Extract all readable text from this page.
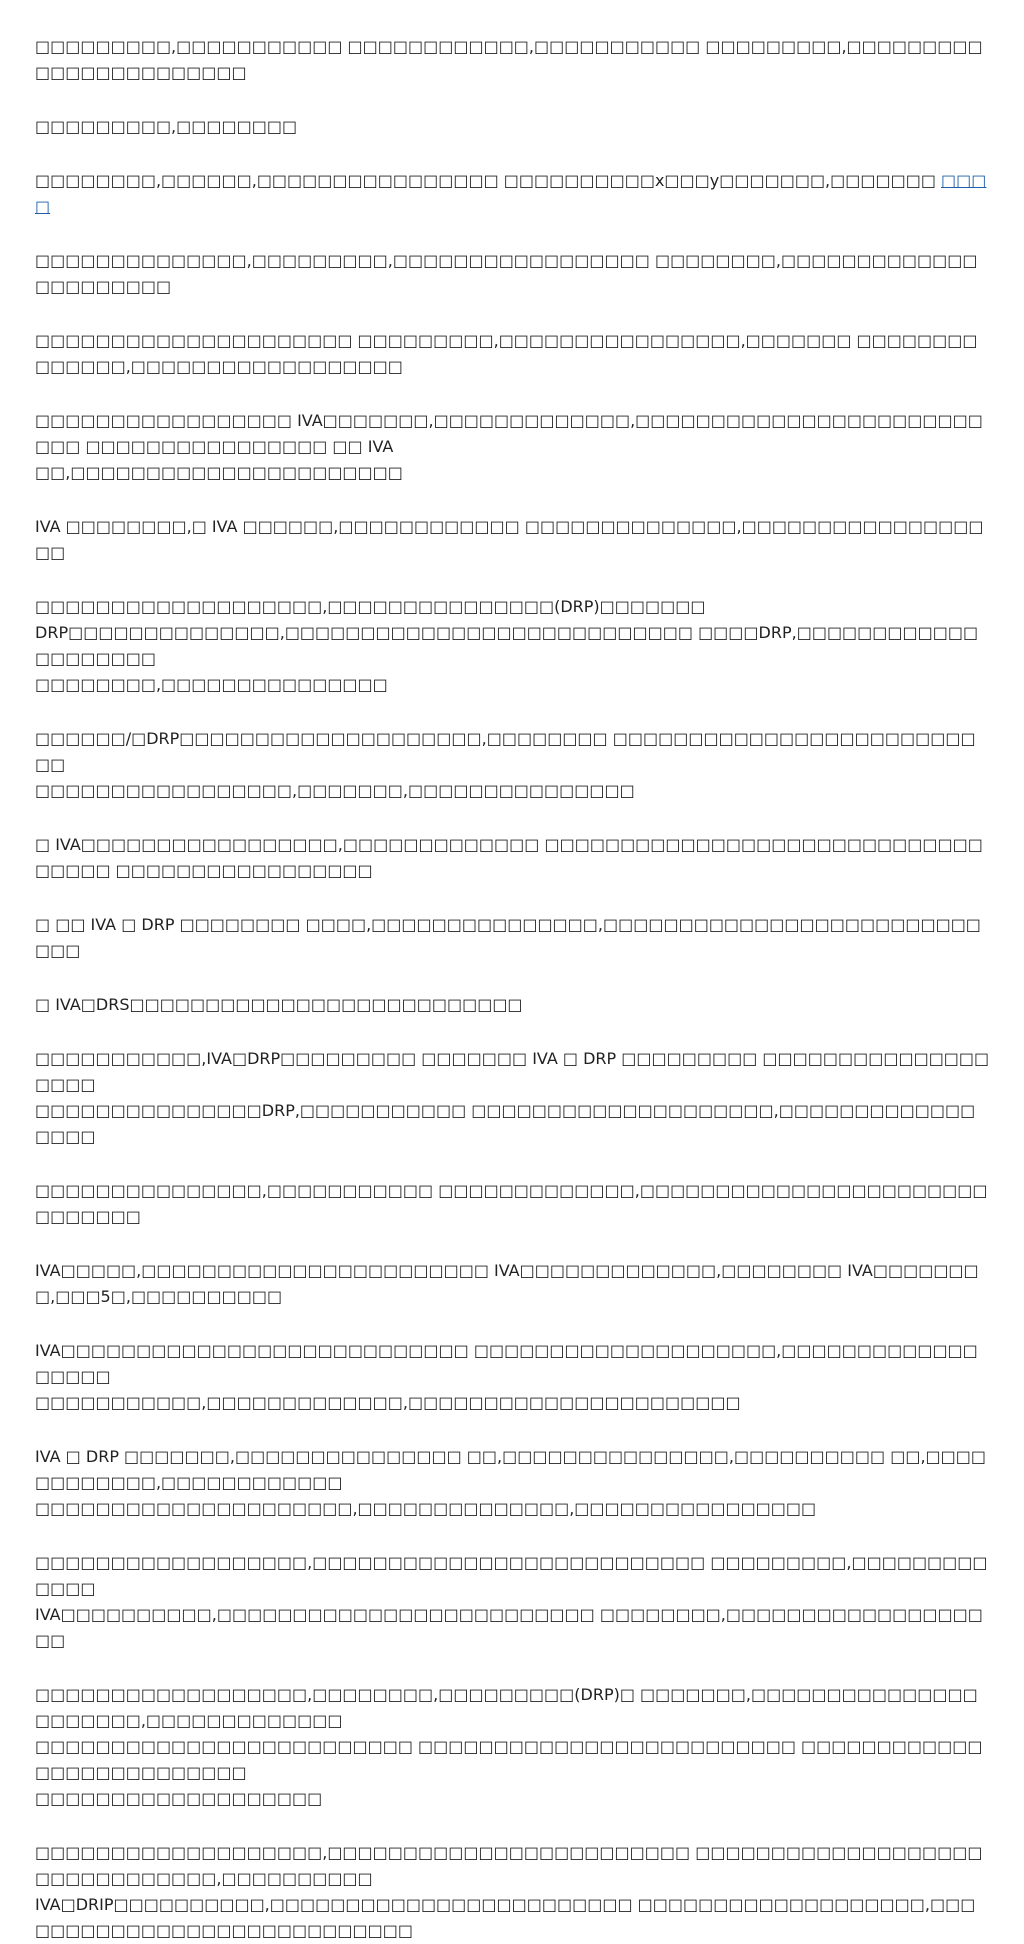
□□□□□□□□□,□□□□□□□□□□□ □□□□□□□□□□□□,□□□□□□□□□□□ □□□□□□□□□,□□□□□□□□□□□□□□□□□□□□□□□

□□□□□□□□□,□□□□□□□□

□□□□□□□□,□□□□□□,□□□□□□□□□□□□□□□□ □□□□□□□□□□x□□□y□□□□□□□,□□□□□□□ □□□□

□□□□□□□□□□□□□□,□□□□□□□□□,□□□□□□□□□□□□□□□□□ □□□□□□□□,□□□□□□□□□□□□□□□□□□□□□□

□□□□□□□□□□□□□□□□□□□□□ □□□□□□□□□,□□□□□□□□□□□□□□□□,□□□□□□□ □□□□□□□□□□□□□□,□□□□□□□□□□□□□□□□□□

□□□□□□□□□□□□□□□□□ IVA□□□□□□□,□□□□□□□□□□□□□,□□□□□□□□□□□□□□□□□□□□□□□□□□ □□□□□□□□□□□□□□□□ □□ IVA
□□,□□□□□□□□□□□□□□□□□□□□□□

IVA □□□□□□□□,□ IVA □□□□□□,□□□□□□□□□□□□ □□□□□□□□□□□□□□,□□□□□□□□□□□□□□□□□□

□□□□□□□□□□□□□□□□□□□,□□□□□□□□□□□□□□□(DRP)□□□□□□□
DRP□□□□□□□□□□□□□□,□□□□□□□□□□□□□□□□□□□□□□□□□□□ □□□□DRP,□□□□□□□□□□□□□□□□□□□□
□□□□□□□□,□□□□□□□□□□□□□□□

□□□□□□/□DRP□□□□□□□□□□□□□□□□□□□□,□□□□□□□□ □□□□□□□□□□□□□□□□□□□□□□□□□□
□□□□□□□□□□□□□□□□□,□□□□□□□,□□□□□□□□□□□□□□□

□ IVA□□□□□□□□□□□□□□□□□,□□□□□□□□□□□□□ □□□□□□□□□□□□□□□□□□□□□□□□□□□□□□□□□□ □□□□□□□□□□□□□□□□□

□ □□ IVA □ DRP □□□□□□□□ □□□□,□□□□□□□□□□□□□□□,□□□□□□□□□□□□□□□□□□□□□□□□□□□□

□ IVA□DRS□□□□□□□□□□□□□□□□□□□□□□□□□□

□□□□□□□□□□□,IVA□DRP□□□□□□□□□ □□□□□□□ IVA □ DRP □□□□□□□□□ □□□□□□□□□□□□□□□□□□□
□□□□□□□□□□□□□□□DRP,□□□□□□□□□□□ □□□□□□□□□□□□□□□□□□□□,□□□□□□□□□□□□□□□□□

□□□□□□□□□□□□□□□,□□□□□□□□□□□ □□□□□□□□□□□□□,□□□□□□□□□□□□□□□□□□□□□□□□□□□□□□

IVA□□□□□,□□□□□□□□□□□□□□□□□□□□□□□ IVA□□□□□□□□□□□□□,□□□□□□□□ IVA□□□□□□□□,□□□5□,□□□□□□□□□□

IVA□□□□□□□□□□□□□□□□□□□□□□□□□□□ □□□□□□□□□□□□□□□□□□□□,□□□□□□□□□□□□□□□□□□
□□□□□□□□□□□,□□□□□□□□□□□□□,□□□□□□□□□□□□□□□□□□□□□□

IVA □ DRP □□□□□□□,□□□□□□□□□□□□□□□ □□,□□□□□□□□□□□□□□□,□□□□□□□□□□ □□,□□□□□□□□□□□□,□□□□□□□□□□□□
□□□□□□□□□□□□□□□□□□□□□,□□□□□□□□□□□□□□,□□□□□□□□□□□□□□□□

□□□□□□□□□□□□□□□□□□,□□□□□□□□□□□□□□□□□□□□□□□□□□ □□□□□□□□□,□□□□□□□□□□□□□
IVA□□□□□□□□□□,□□□□□□□□□□□□□□□□□□□□□□□□□ □□□□□□□□,□□□□□□□□□□□□□□□□□□□

□□□□□□□□□□□□□□□□□□,□□□□□□□□,□□□□□□□□□(DRP)□ □□□□□□□,□□□□□□□□□□□□□□□□□□□□□□,□□□□□□□□□□□□□
□□□□□□□□□□□□□□□□□□□□□□□□□ □□□□□□□□□□□□□□□□□□□□□□□□□ □□□□□□□□□□□□□□□□□□□□□□□□□□
□□□□□□□□□□□□□□□□□□□

□□□□□□□□□□□□□□□□□□□,□□□□□□□□□□□□□□□□□□□□□□□□ □□□□□□□□□□□□□□□□□□□ □□□□□□□□□□□□,□□□□□□□□□□
IVA□DRIP□□□□□□□□□□,□□□□□□□□□□□□□□□□□□□□□□□□ □□□□□□□□□□□□□□□□□□□,□□□□□□□□□□□□□□□□□□□□□□□□□□□□
